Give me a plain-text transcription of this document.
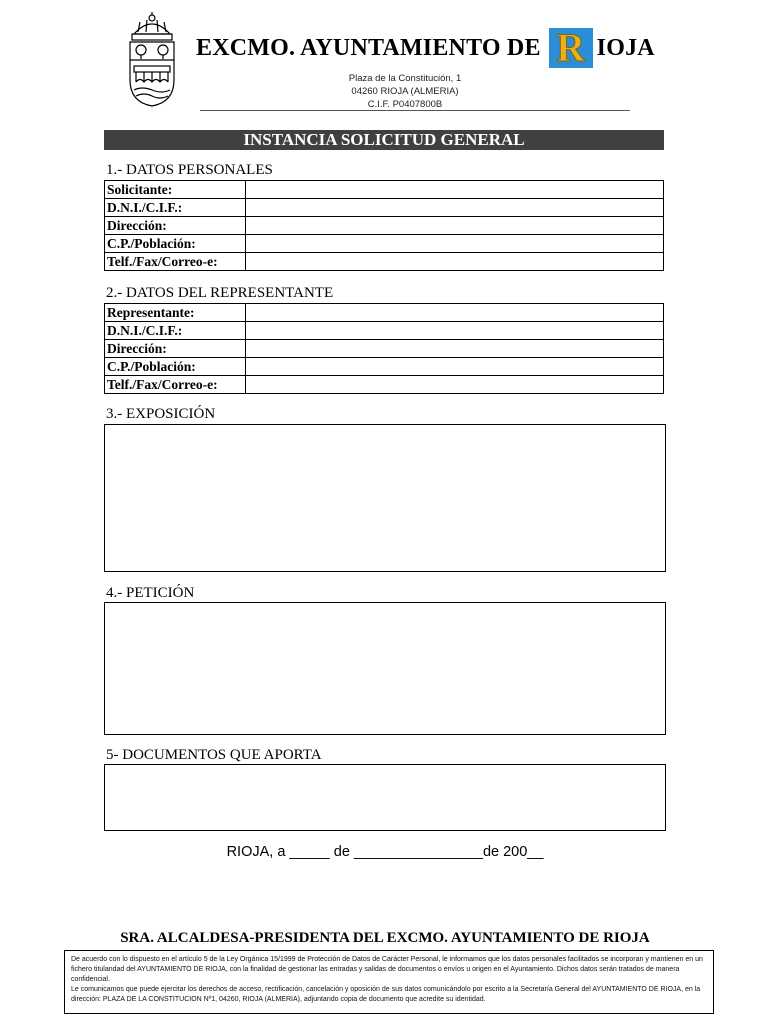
EXCMO. AYUNTAMIENTO DE R IOJA
Plaza de la Constitución, 1
04260 RIOJA (ALMERIA)
C.I.F. P0407800B
INSTANCIA SOLICITUD GENERAL
1.- DATOS PERSONALES
Solicitante:	
D.N.I./C.I.F.:	
Dirección:	
C.P./Población:	
Telf./Fax/Correo-e:	
2.- DATOS DEL REPRESENTANTE
Representante:	
D.N.I./C.I.F.:	
Dirección:	
C.P./Población:	
Telf./Fax/Correo-e:	
3.- EXPOSICIÓN
4.- PETICIÓN
5- DOCUMENTOS QUE APORTA
RIOJA, a _____ de ________________de 200__
SRA. ALCALDESA-PRESIDENTA DEL EXCMO. AYUNTAMIENTO DE RIOJA

De acuerdo con lo dispuesto en el artículo 5 de la Ley Orgánica 15/1999 de Protección de Datos de Carácter Personal, le informamos que los datos personales facilitados se incorporan y mantienen en un fichero titulandad del AYUNTAMIENTO DE RIOJA, con la finalidad de gestionar las entradas y salidas de documentos o envíos u origen en el Ayuntamiento. Dichos datos serán tratados de manera confidencial.

Le comunicamos que puede ejercitar los derechos de acceso, rectificación, cancelación y oposición de sus datos comunicándolo por escrito a la Secretaría General del AYUNTAMIENTO DE RIOJA, en la dirección: PLAZA DE LA CONSTITUCION Nº1, 04260, RIOJA (ALMERIA), adjuntando copia de documento que acredite su identidad.
